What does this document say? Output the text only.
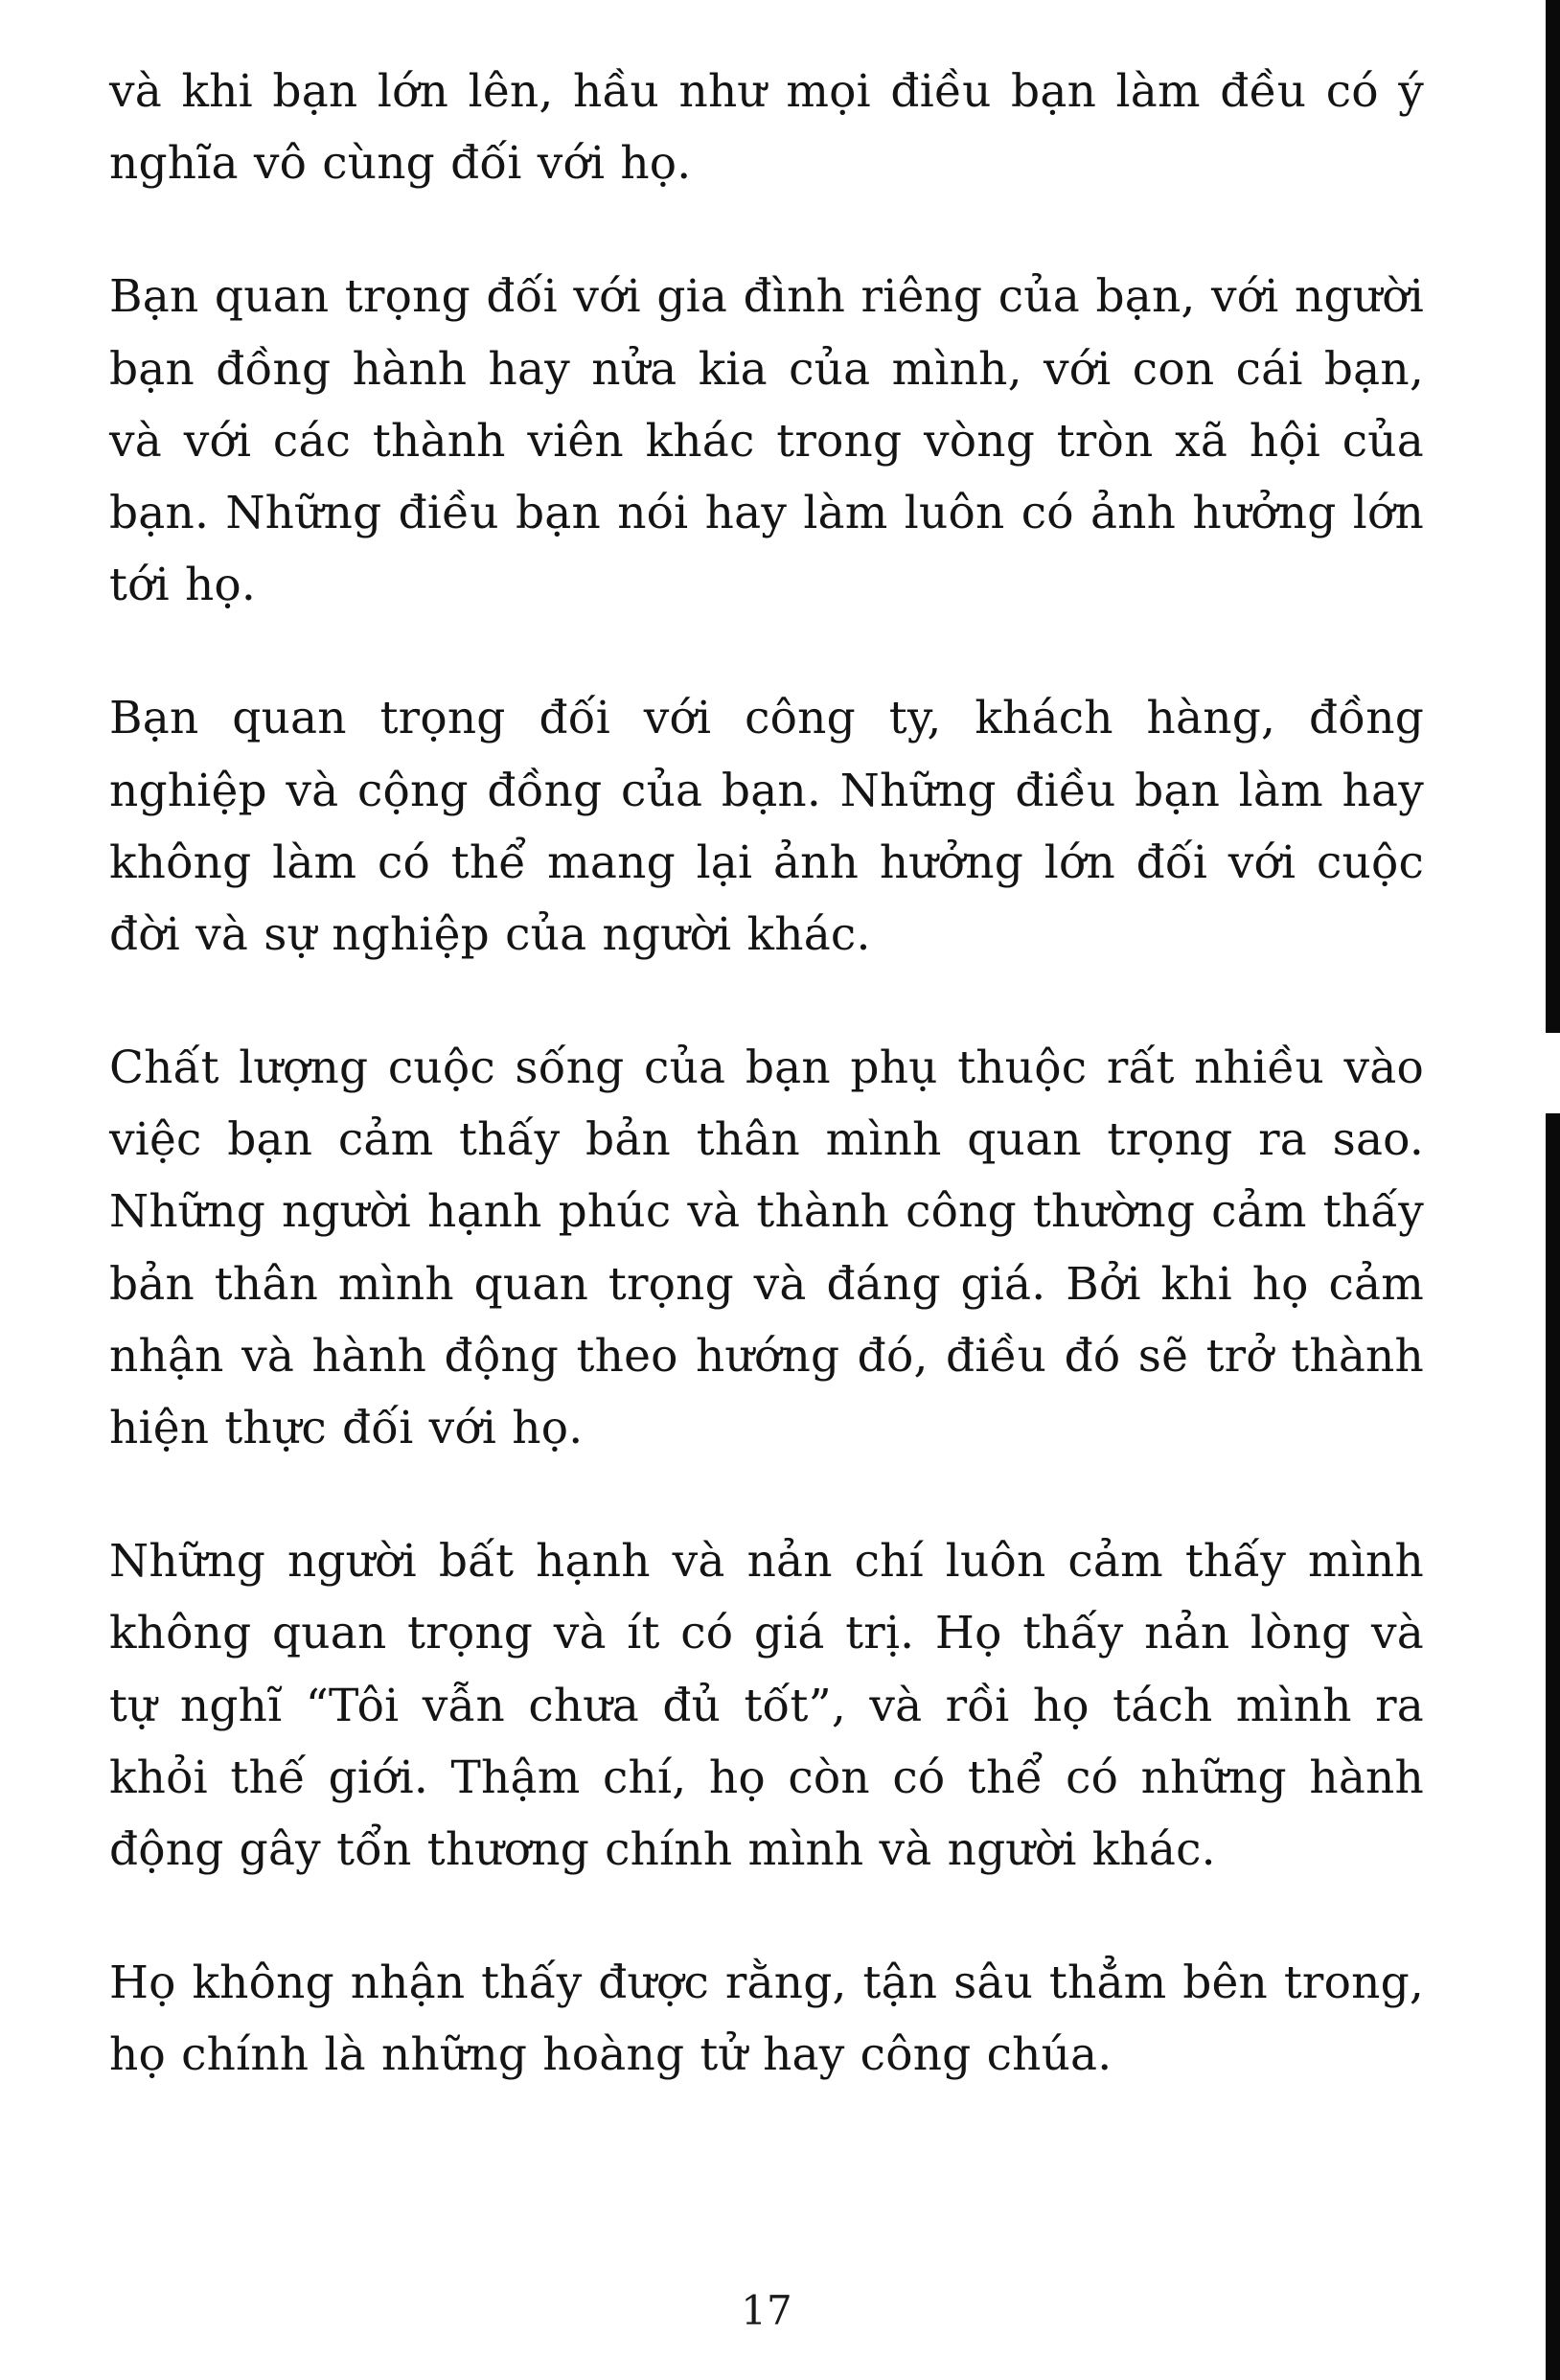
và khi bạn lớn lên, hầu như mọi điều bạn làm đều có ý nghĩa vô cùng đối với họ.

Bạn quan trọng đối với gia đình riêng của bạn, với người bạn đồng hành hay nửa kia của mình, với con cái bạn, và với các thành viên khác trong vòng tròn xã hội của bạn. Những điều bạn nói hay làm luôn có ảnh hưởng lớn tới họ.

Bạn quan trọng đối với công ty, khách hàng, đồng nghiệp và cộng đồng của bạn. Những điều bạn làm hay không làm có thể mang lại ảnh hưởng lớn đối với cuộc đời và sự nghiệp của người khác.

Chất lượng cuộc sống của bạn phụ thuộc rất nhiều vào việc bạn cảm thấy bản thân mình quan trọng ra sao. Những người hạnh phúc và thành công thường cảm thấy bản thân mình quan trọng và đáng giá. Bởi khi họ cảm nhận và hành động theo hướng đó, điều đó sẽ trở thành hiện thực đối với họ.

Những người bất hạnh và nản chí luôn cảm thấy mình không quan trọng và ít có giá trị. Họ thấy nản lòng và tự nghĩ “Tôi vẫn chưa đủ tốt”, và rồi họ tách mình ra khỏi thế giới. Thậm chí, họ còn có thể có những hành động gây tổn thương chính mình và người khác.

Họ không nhận thấy được rằng, tận sâu thẳm bên trong, họ chính là những hoàng tử hay công chúa.

17
